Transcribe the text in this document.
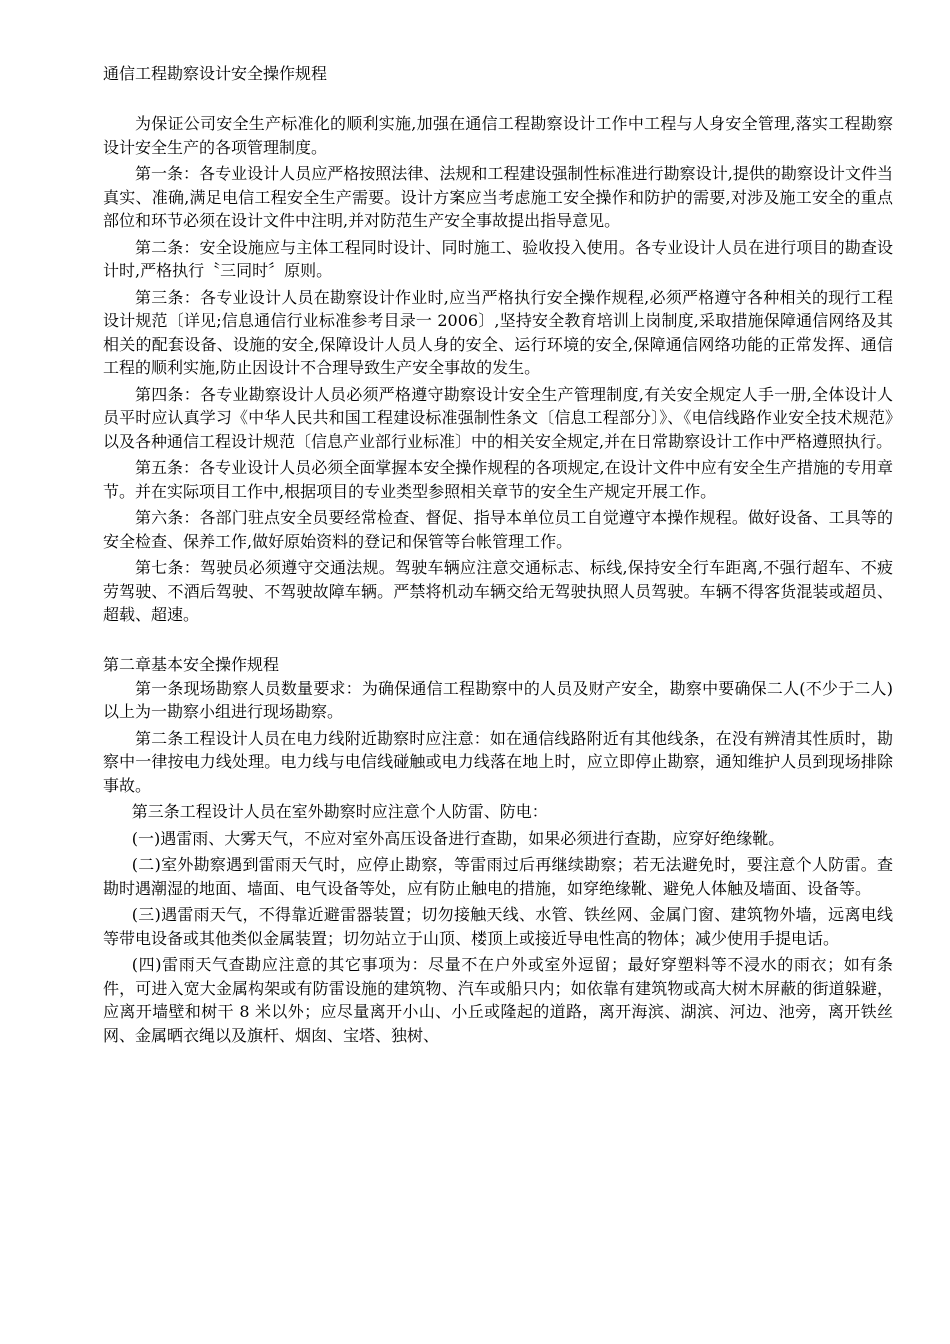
通信工程勘察设计安全操作规程

为保证公司安全生产标准化的顺利实施,加强在通信工程勘察设计工作中工程与人身安全管理,落实工程勘察设计安全生产的各项管理制度。

第一条：各专业设计人员应严格按照法律、法规和工程建设强制性标准进行勘察设计,提供的勘察设计文件当真实、准确,满足电信工程安全生产需要。设计方案应当考虑施工安全操作和防护的需要,对涉及施工安全的重点部位和环节必须在设计文件中注明,并对防范生产安全事故提出指导意见。

第二条：安全设施应与主体工程同时设计、同时施工、验收投入使用。各专业设计人员在进行项目的勘查设计时,严格执行〝三同时〞原则。

第三条：各专业设计人员在勘察设计作业时,应当严格执行安全操作规程,必须严格遵守各种相关的现行工程设计规范〔详见;信息通信行业标准参考目录一 2006〕,坚持安全教育培训上岗制度,采取措施保障通信网络及其相关的配套设备、设施的安全,保障设计人员人身的安全、运行环境的安全,保障通信网络功能的正常发挥、通信工程的顺利实施,防止因设计不合理导致生产安全事故的发生。

第四条：各专业勘察设计人员必须严格遵守勘察设计安全生产管理制度,有关安全规定人手一册,全体设计人员平时应认真学习《中华人民共和国工程建设标准强制性条文〔信息工程部分〕》、《电信线路作业安全技术规范》以及各种通信工程设计规范〔信息产业部行业标准〕中的相关安全规定,并在日常勘察设计工作中严格遵照执行。

第五条：各专业设计人员必须全面掌握本安全操作规程的各项规定,在设计文件中应有安全生产措施的专用章节。并在实际项目工作中,根据项目的专业类型参照相关章节的安全生产规定开展工作。

第六条：各部门驻点安全员要经常检查、督促、指导本单位员工自觉遵守本操作规程。做好设备、工具等的安全检查、保养工作,做好原始资料的登记和保管等台帐管理工作。

第七条：驾驶员必须遵守交通法规。驾驶车辆应注意交通标志、标线,保持安全行车距离,不强行超车、不疲劳驾驶、不酒后驾驶、不驾驶故障车辆。严禁将机动车辆交给无驾驶执照人员驾驶。车辆不得客货混装或超员、超载、超速。

第二章基本安全操作规程

第一条现场勘察人员数量要求：为确保通信工程勘察中的人员及财产安全，勘察中要确保二人(不少于二人)以上为一勘察小组进行现场勘察。

第二条工程设计人员在电力线附近勘察时应注意：如在通信线路附近有其他线条，在没有辨清其性质时，勘察中一律按电力线处理。电力线与电信线碰触或电力线落在地上时，应立即停止勘察，通知维护人员到现场排除事故。

第三条工程设计人员在室外勘察时应注意个人防雷、防电：

(一)遇雷雨、大雾天气，不应对室外高压设备进行查勘，如果必须进行查勘，应穿好绝缘靴。

(二)室外勘察遇到雷雨天气时，应停止勘察，等雷雨过后再继续勘察；若无法避免时，要注意个人防雷。查勘时遇潮湿的地面、墙面、电气设备等处，应有防止触电的措施，如穿绝缘靴、避免人体触及墙面、设备等。

(三)遇雷雨天气，不得靠近避雷器装置；切勿接触天线、水管、铁丝网、金属门窗、建筑物外墙，远离电线等带电设备或其他类似金属装置；切勿站立于山顶、楼顶上或接近导电性高的物体；减少使用手提电话。

(四)雷雨天气查勘应注意的其它事项为：尽量不在户外或室外逗留；最好穿塑料等不浸水的雨衣；如有条件，可进入宽大金属构架或有防雷设施的建筑物、汽车或船只内；如依靠有建筑物或高大树木屏蔽的街道躲避，应离开墙壁和树干 8 米以外；应尽量离开小山、小丘或隆起的道路，离开海滨、湖滨、河边、池旁，离开铁丝网、金属晒衣绳以及旗杆、烟囱、宝塔、独树、
